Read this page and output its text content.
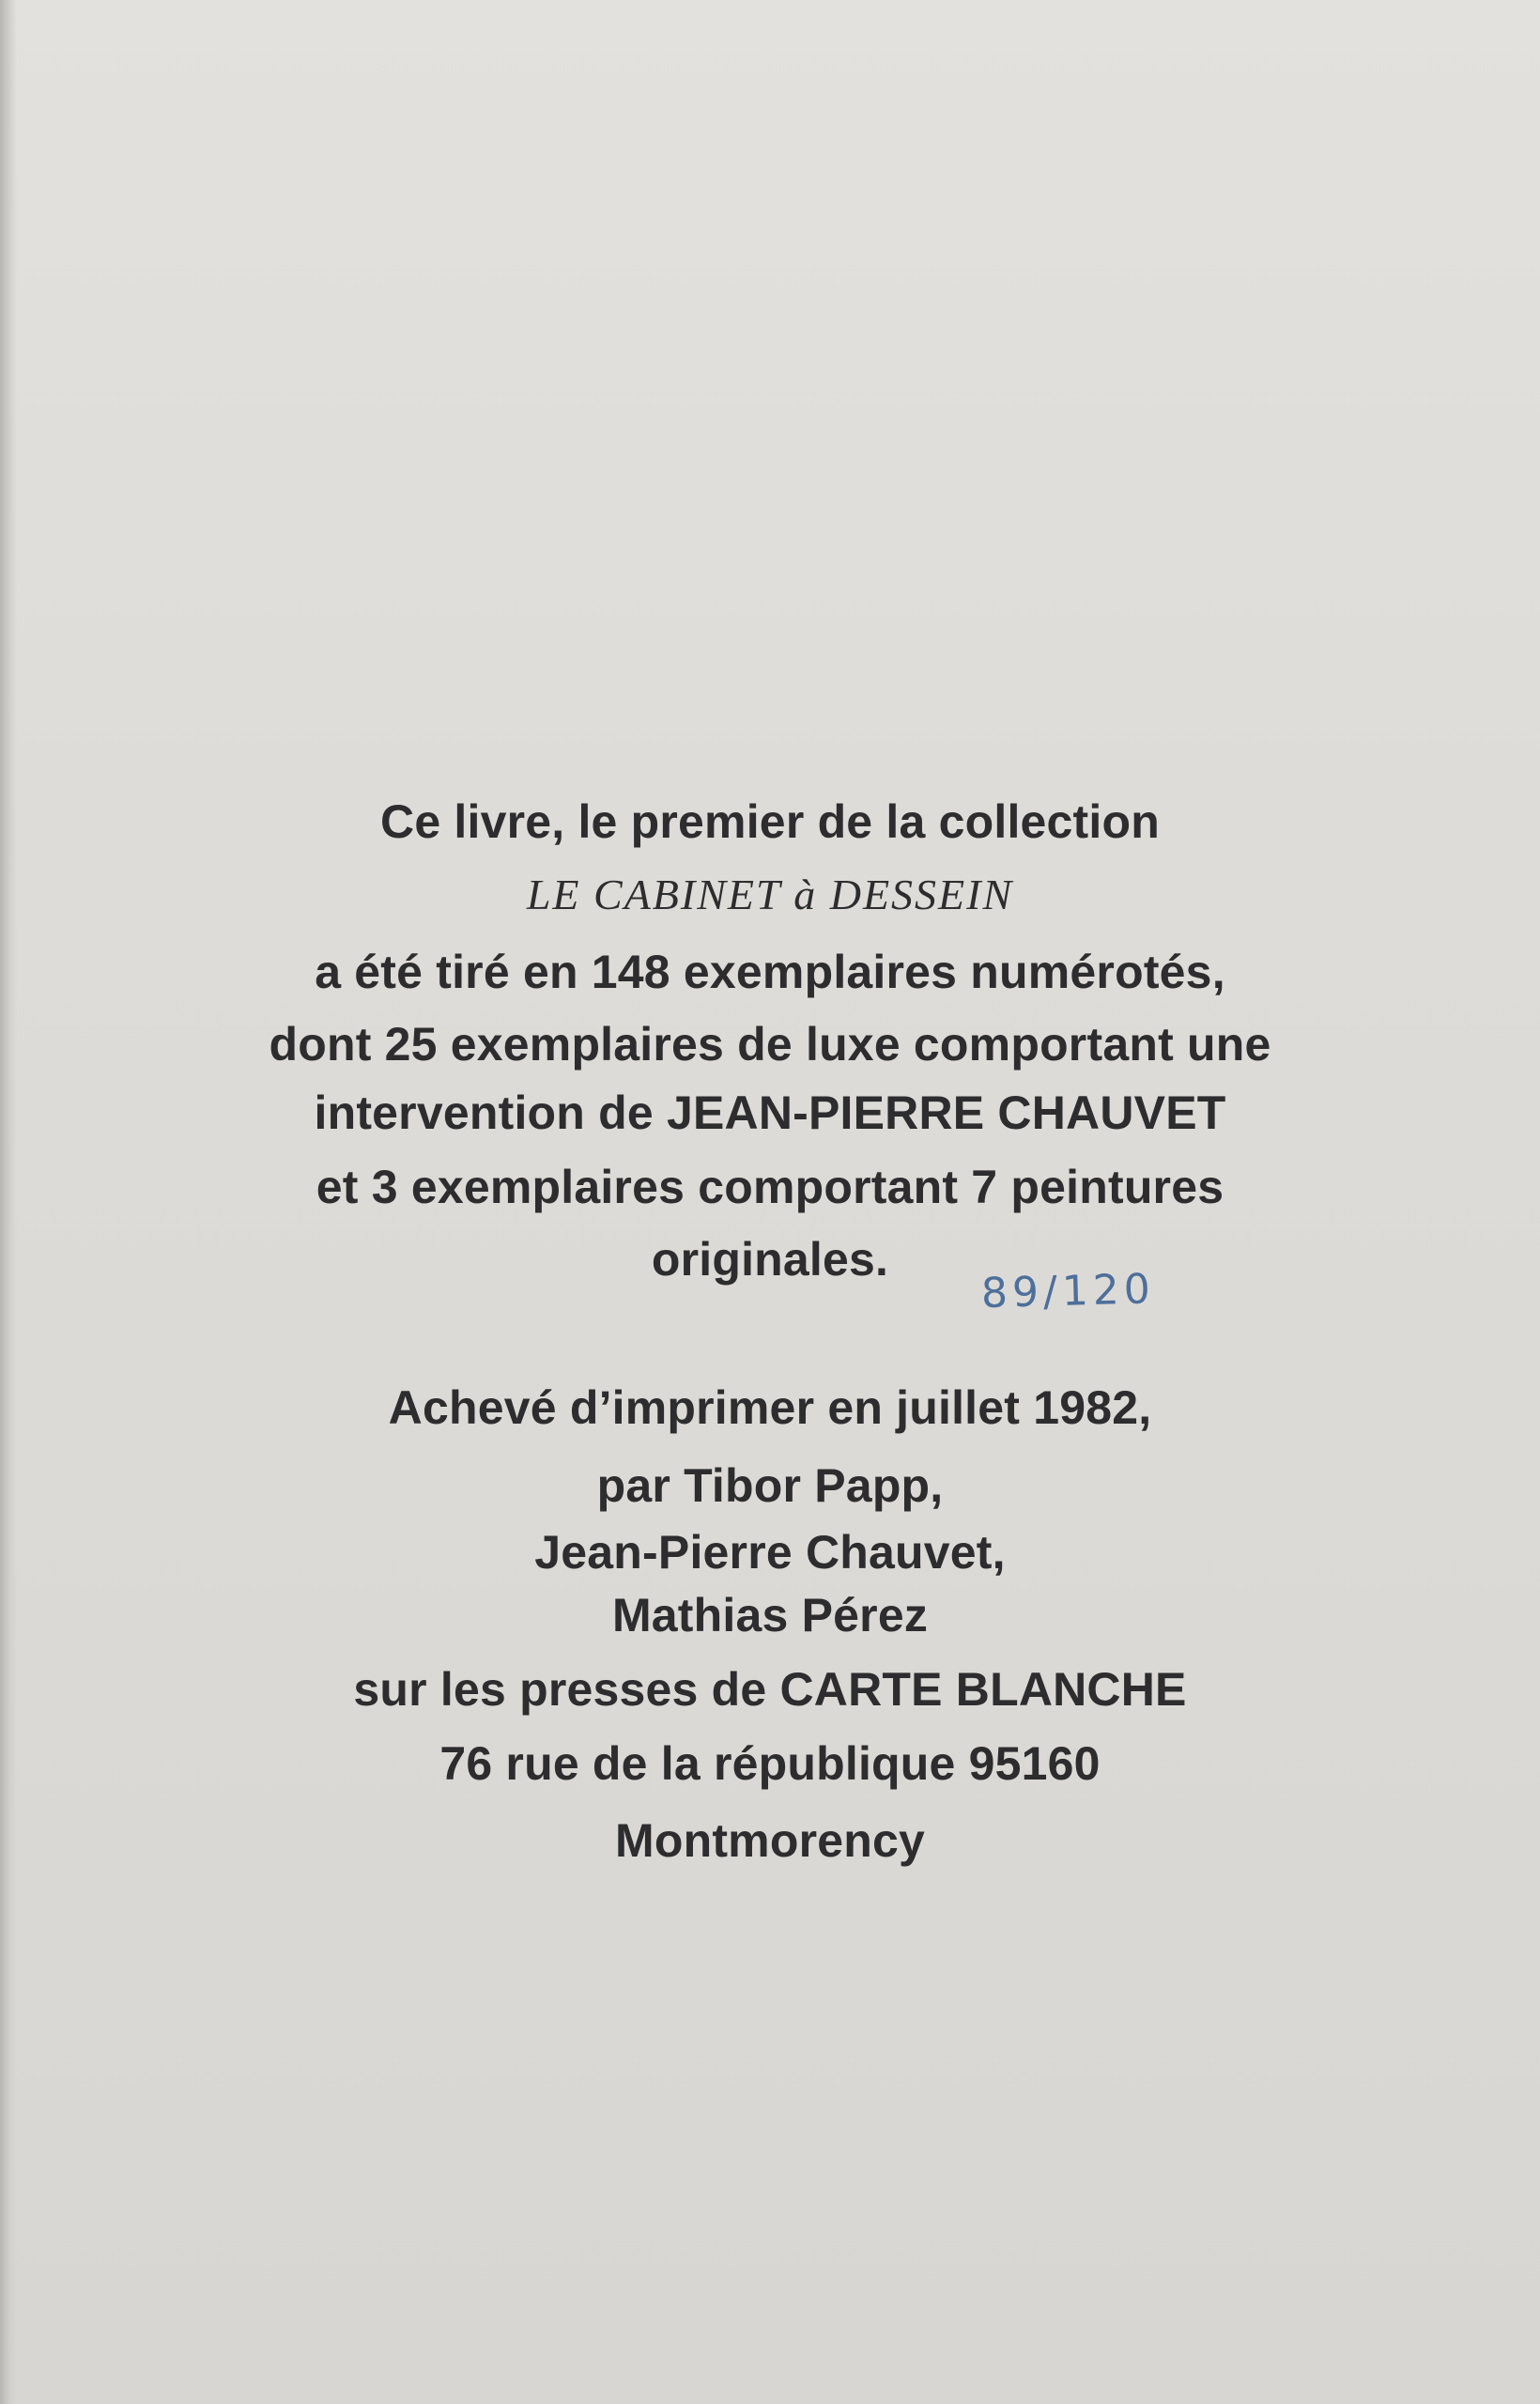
Ce livre, le premier de la collection
LE CABINET à DESSEIN
a été tiré en 148 exemplaires numérotés,
dont 25 exemplaires de luxe comportant une
intervention de JEAN-PIERRE CHAUVET
et 3 exemplaires comportant 7 peintures
originales.
89/120
Achevé d’imprimer en juillet 1982,
par Tibor Papp,
Jean-Pierre Chauvet,
Mathias Pérez
sur les presses de CARTE BLANCHE
76 rue de la république 95160
Montmorency
